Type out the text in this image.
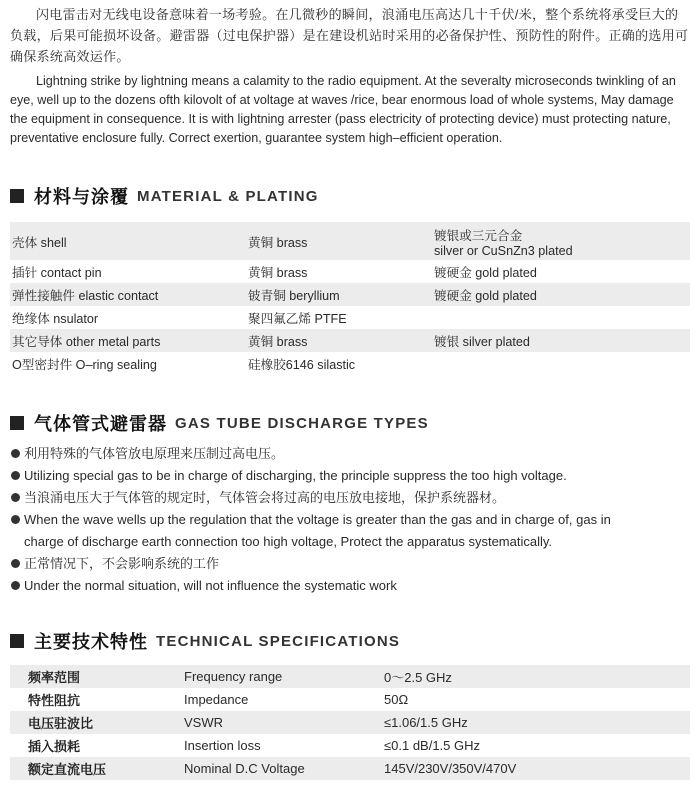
闪电雷击对无线电设备意味着一场考验。在几微秒的瞬间，浪涌电压高达几十千伏/米，整个系统将承受巨大的负载，后果可能损坏设备。避雷器（过电保护器）是在建设机站时采用的必备保护性、预防性的附件。正确的选用可确保系统高效运作。

Lightning strike by lightning means a calamity to the radio equipment. At the severalty microseconds twinkling of an eye, well up to the dozens ofth kilovolt of at voltage at waves /rice, bear enormous load of whole systems, May damage the equipment in consequence. It is with lightning arrester (pass electricity of protecting device) must protecting nature, preventative enclosure fully. Correct exertion, guarantee system high–efficient operation.

材料与涂覆 MATERIAL & PLATING
壳体 shell	黄铜 brass	镀银或三元合金
silver or CuSnZn3 plated

插针 contact pin	黄铜 brass	镀硬金 gold plated
弹性接触件 elastic contact	铍青铜 beryllium	镀硬金 gold plated
绝缘体 nsulator	聚四氟乙烯 PTFE	
其它导体 other metal parts	黄铜 brass	镀银 silver plated
O型密封件 O–ring sealing	硅橡胶6146 silastic	
气体管式避雷器 GAS TUBE DISCHARGE TYPES
利用特殊的气体管放电原理来压制过高电压。
Utilizing special gas to be in charge of discharging, the principle suppress the too high voltage.
当浪涌电压大于气体管的规定时，气体管会将过高的电压放电接地，保护系统器材。
When the wave wells up the regulation that the voltage is greater than the gas and in charge of, gas in
charge of discharge earth connection too high voltage, Protect the apparatus systematically.
正常情况下，不会影响系统的工作
Under the normal situation, will not influence the systematic work
主要技术特性 TECHNICAL SPECIFICATIONS
频率范围	Frequency range	0～2.5 GHz
特性阻抗	Impedance	50Ω
电压驻波比	VSWR	≤1.06/1.5 GHz
插入损耗	Insertion loss	≤0.1 dB/1.5 GHz
额定直流电压	Nominal D.C Voltage	145V/230V/350V/470V
